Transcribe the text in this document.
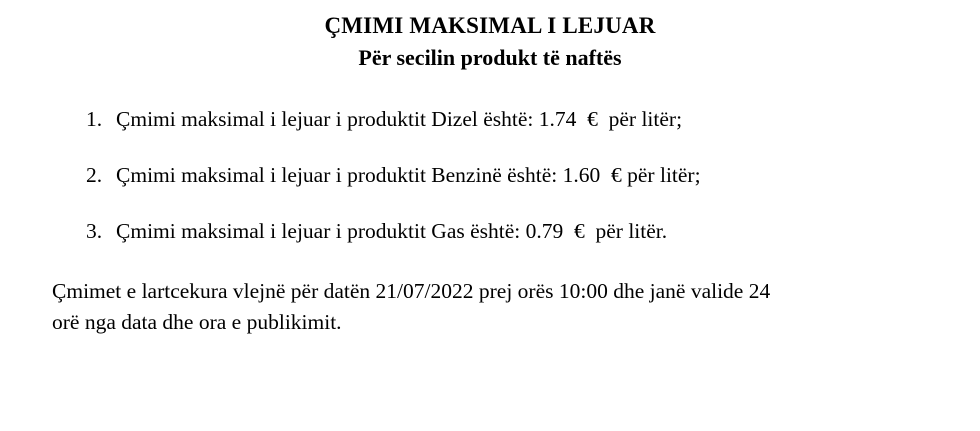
ÇMIMI MAKSIMAL I LEJUAR
Për secilin produkt të naftës
1. Çmimi maksimal i lejuar i produktit Dizel është: 1.74  €  për litër;
2. Çmimi maksimal i lejuar i produktit Benzinë është: 1.60  € për litër;
3. Çmimi maksimal i lejuar i produktit Gas është: 0.79  €  për litër.

Çmimet e lartcekura vlejnë për datën 21/07/2022 prej orës 10:00 dhe janë valide 24

orë nga data dhe ora e publikimit.
